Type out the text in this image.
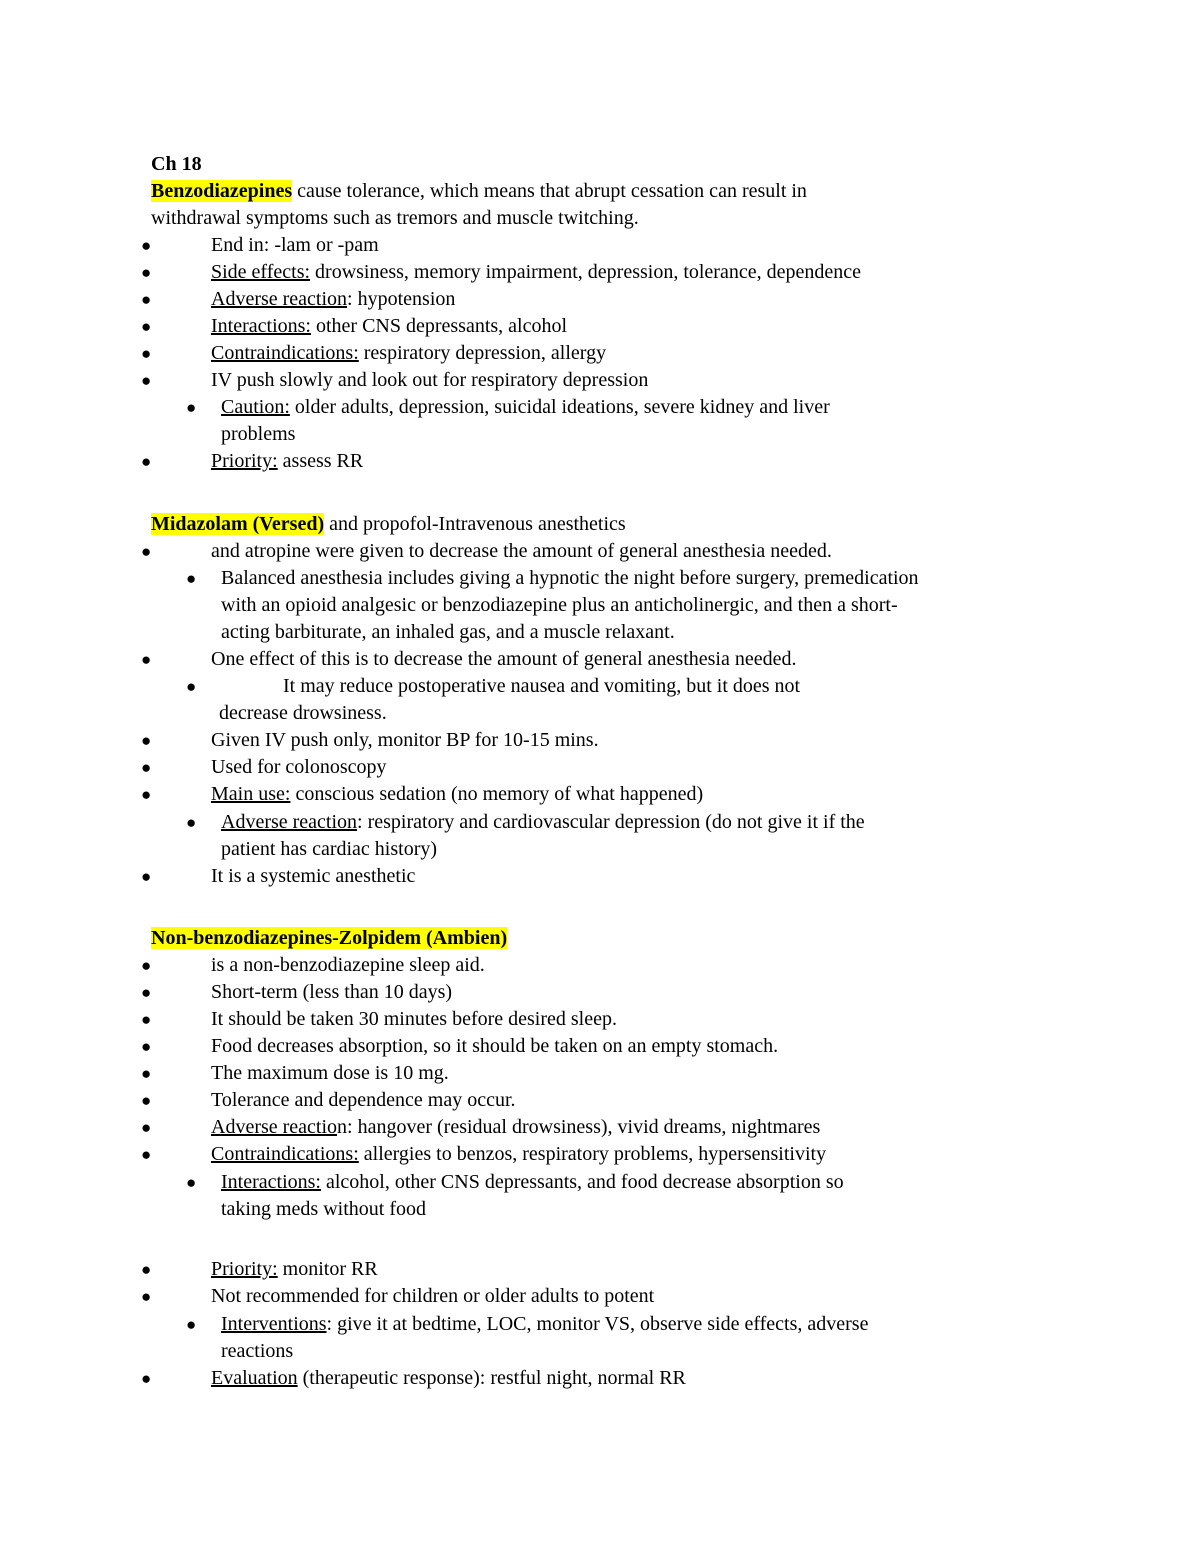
Ch 18
Benzodiazepines cause tolerance, which means that abrupt cessation can result in
withdrawal symptoms such as tremors and muscle twitching.
●	End in: -lam or -pam
●	Side effects: drowsiness, memory impairment, depression, tolerance, dependence
●	Adverse reaction: hypotension
●	Interactions: other CNS depressants, alcohol
●	Contraindications: respiratory depression, allergy
●	IV push slowly and look out for respiratory depression
● Caution: older adults, depression, suicidal ideations, severe kidney and liver
problems
●	Priority: assess RR
Midazolam (Versed) and propofol-Intravenous anesthetics
●	and atropine were given to decrease the amount of general anesthesia needed.
● Balanced anesthesia includes giving a hypnotic the night before surgery, premedication
with an opioid analgesic or benzodiazepine plus an anticholinergic, and then a short-
acting barbiturate, an inhaled gas, and a muscle relaxant.
●	One effect of this is to decrease the amount of general anesthesia needed.
●	It may reduce postoperative nausea and vomiting, but it does not
decrease drowsiness.
●	Given IV push only, monitor BP for 10-15 mins.
●	Used for colonoscopy
●	Main use: conscious sedation (no memory of what happened)
● Adverse reaction: respiratory and cardiovascular depression (do not give it if the
patient has cardiac history)
●	It is a systemic anesthetic
Non-benzodiazepines-Zolpidem (Ambien)
●	is a non-benzodiazepine sleep aid.
●	Short-term (less than 10 days)
●	It should be taken 30 minutes before desired sleep.
●	Food decreases absorption, so it should be taken on an empty stomach.
●	The maximum dose is 10 mg.
●	Tolerance and dependence may occur.
●	Adverse reaction: hangover (residual drowsiness), vivid dreams, nightmares
●	Contraindications: allergies to benzos, respiratory problems, hypersensitivity
● Interactions: alcohol, other CNS depressants, and food decrease absorption so
taking meds without food
●	Priority: monitor RR
●	Not recommended for children or older adults to potent
● Interventions: give it at bedtime, LOC, monitor VS, observe side effects, adverse
reactions
●	Evaluation (therapeutic response): restful night, normal RR
